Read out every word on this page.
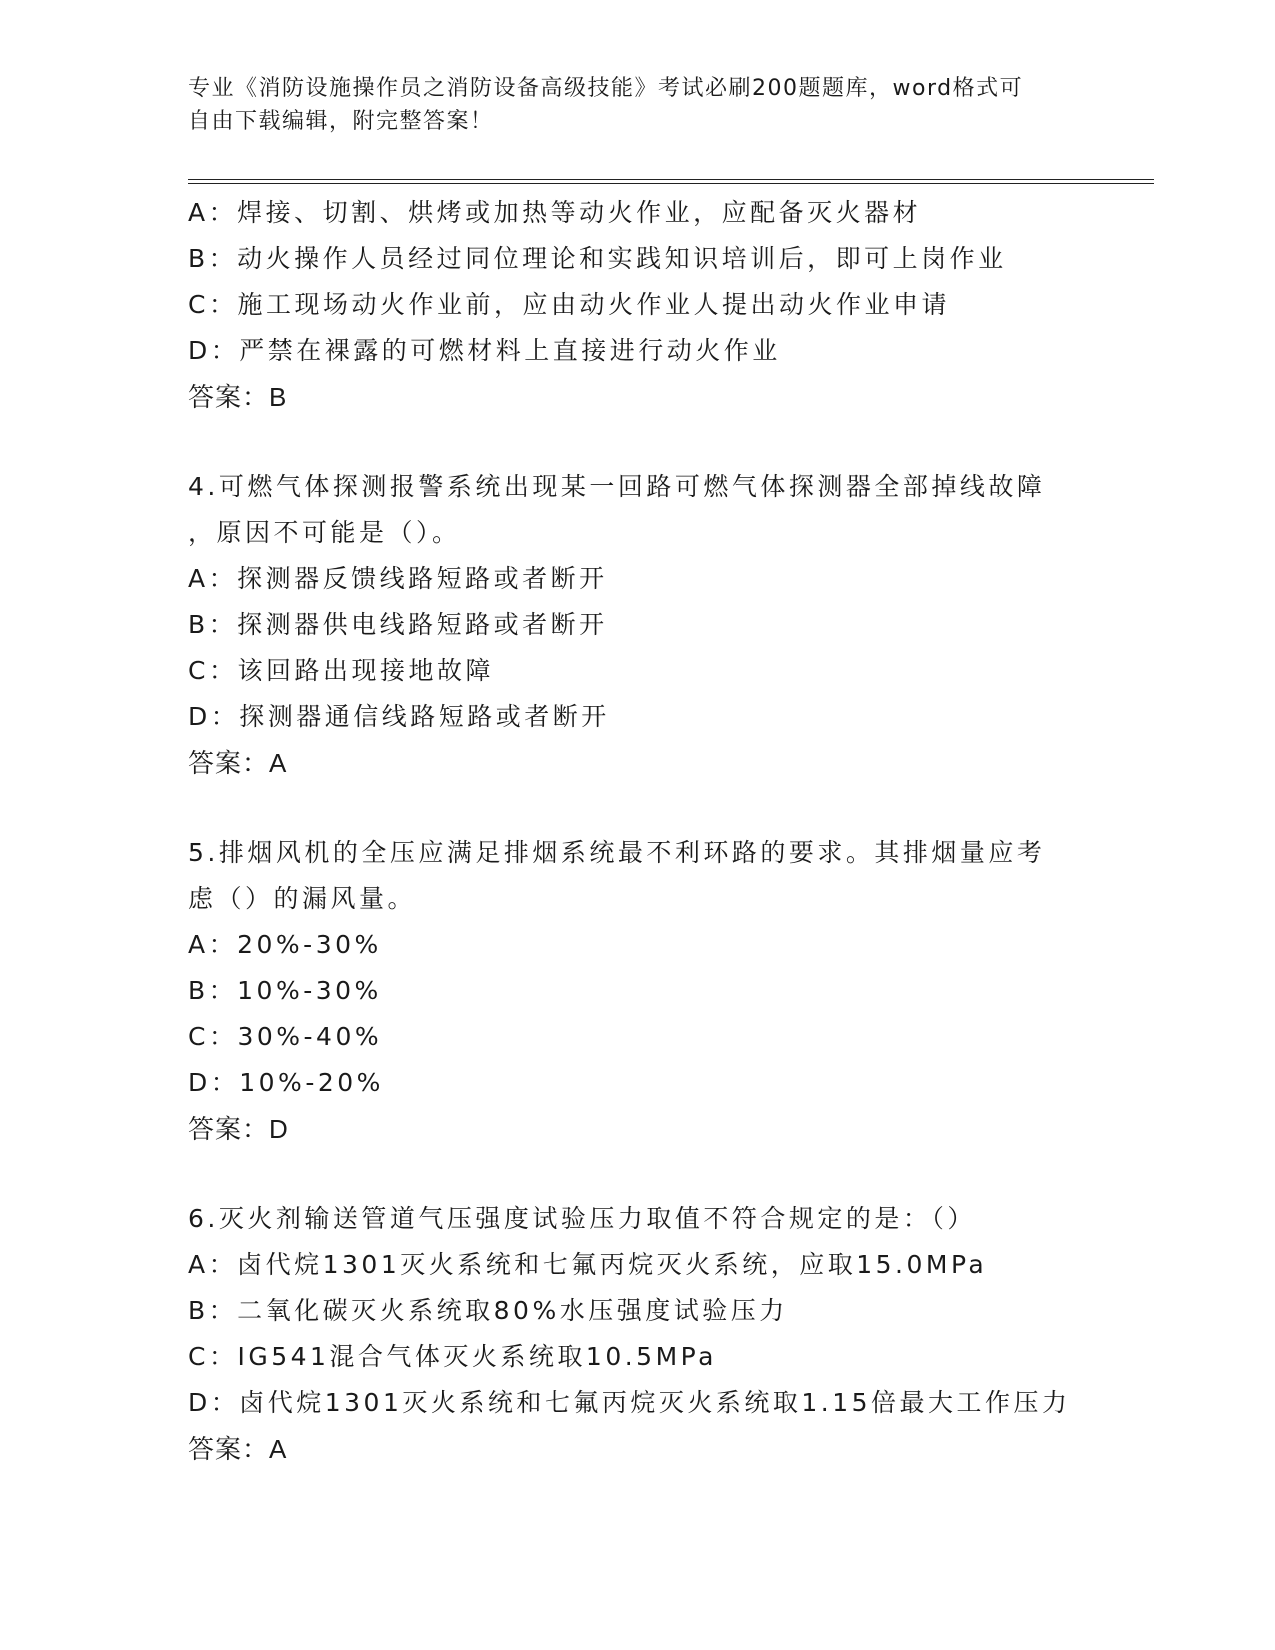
专业《消防设施操作员之消防设备高级技能》考试必刷200题题库，word格式可
自由下载编辑，附完整答案！
A：焊接、切割、烘烤或加热等动火作业，应配备灭火器材
B：动火操作人员经过同位理论和实践知识培训后，即可上岗作业
C：施工现场动火作业前，应由动火作业人提出动火作业申请
D：严禁在裸露的可燃材料上直接进行动火作业
答案：B
4.可燃气体探测报警系统出现某一回路可燃气体探测器全部掉线故障
，原因不可能是（）。
A：探测器反馈线路短路或者断开
B：探测器供电线路短路或者断开
C：该回路出现接地故障
D：探测器通信线路短路或者断开
答案：A
5.排烟风机的全压应满足排烟系统最不利环路的要求。其排烟量应考
虑（）的漏风量。
A：20%-30%
B：10%-30%
C：30%-40%
D：10%-20%
答案：D
6.灭火剂输送管道气压强度试验压力取值不符合规定的是：（）
A：卤代烷1301灭火系统和七氟丙烷灭火系统，应取15.0MPa
B：二氧化碳灭火系统取80%水压强度试验压力
C：IG541混合气体灭火系统取10.5MPa
D：卤代烷1301灭火系统和七氟丙烷灭火系统取1.15倍最大工作压力
答案：A
